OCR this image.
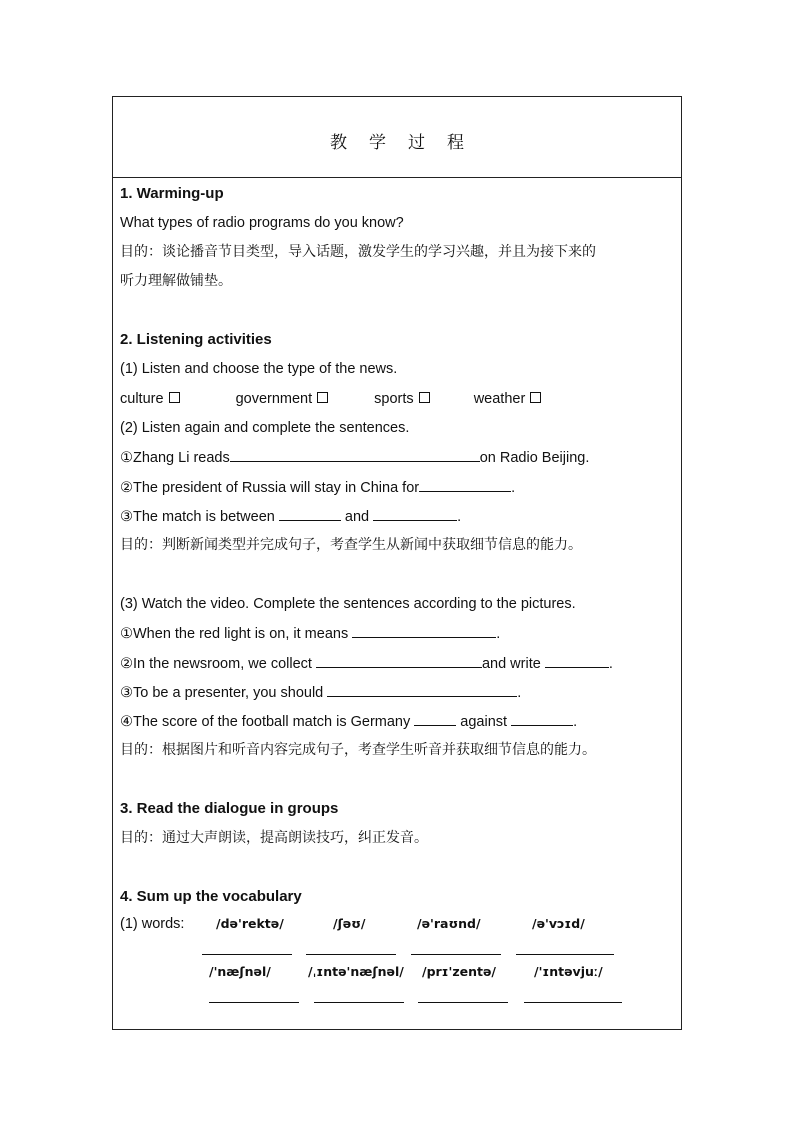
教 学 过 程
1. Warming-up
What types of radio programs do you know?
目的：谈论播音节目类型，导入话题，激发学生的学习兴趣，并且为接下来的
听力理解做铺垫。
2. Listening activities
(1) Listen and choose the type of the news.
culture	government	sports	weather
(2) Listen again and complete the sentences.
①Zhang Li reads	on Radio Beijing.
②The president of Russia will stay in China for	.
③The match is between	and	.
目的：判断新闻类型并完成句子，考查学生从新闻中获取细节信息的能力。
(3) Watch the video. Complete the sentences according to the pictures.
①When the red light is on, it means	.
②In the newsroom, we collect	and write	.
③To be a presenter, you should	.
④The score of the football match is Germany	against	.
目的：根据图片和听音内容完成句子，考查学生听音并获取细节信息的能力。
3. Read the dialogue in groups
目的：通过大声朗读，提高朗读技巧，纠正发音。
4. Sum up the vocabulary
(1) words:	/də'rektə/	/ʃəʊ/	/ə'raʊnd/	/ə'vɔɪd/
/'næʃnəl/	/ˌɪntə'næʃnəl/ /prɪ'zentə/	/'ɪntəvjuː/
